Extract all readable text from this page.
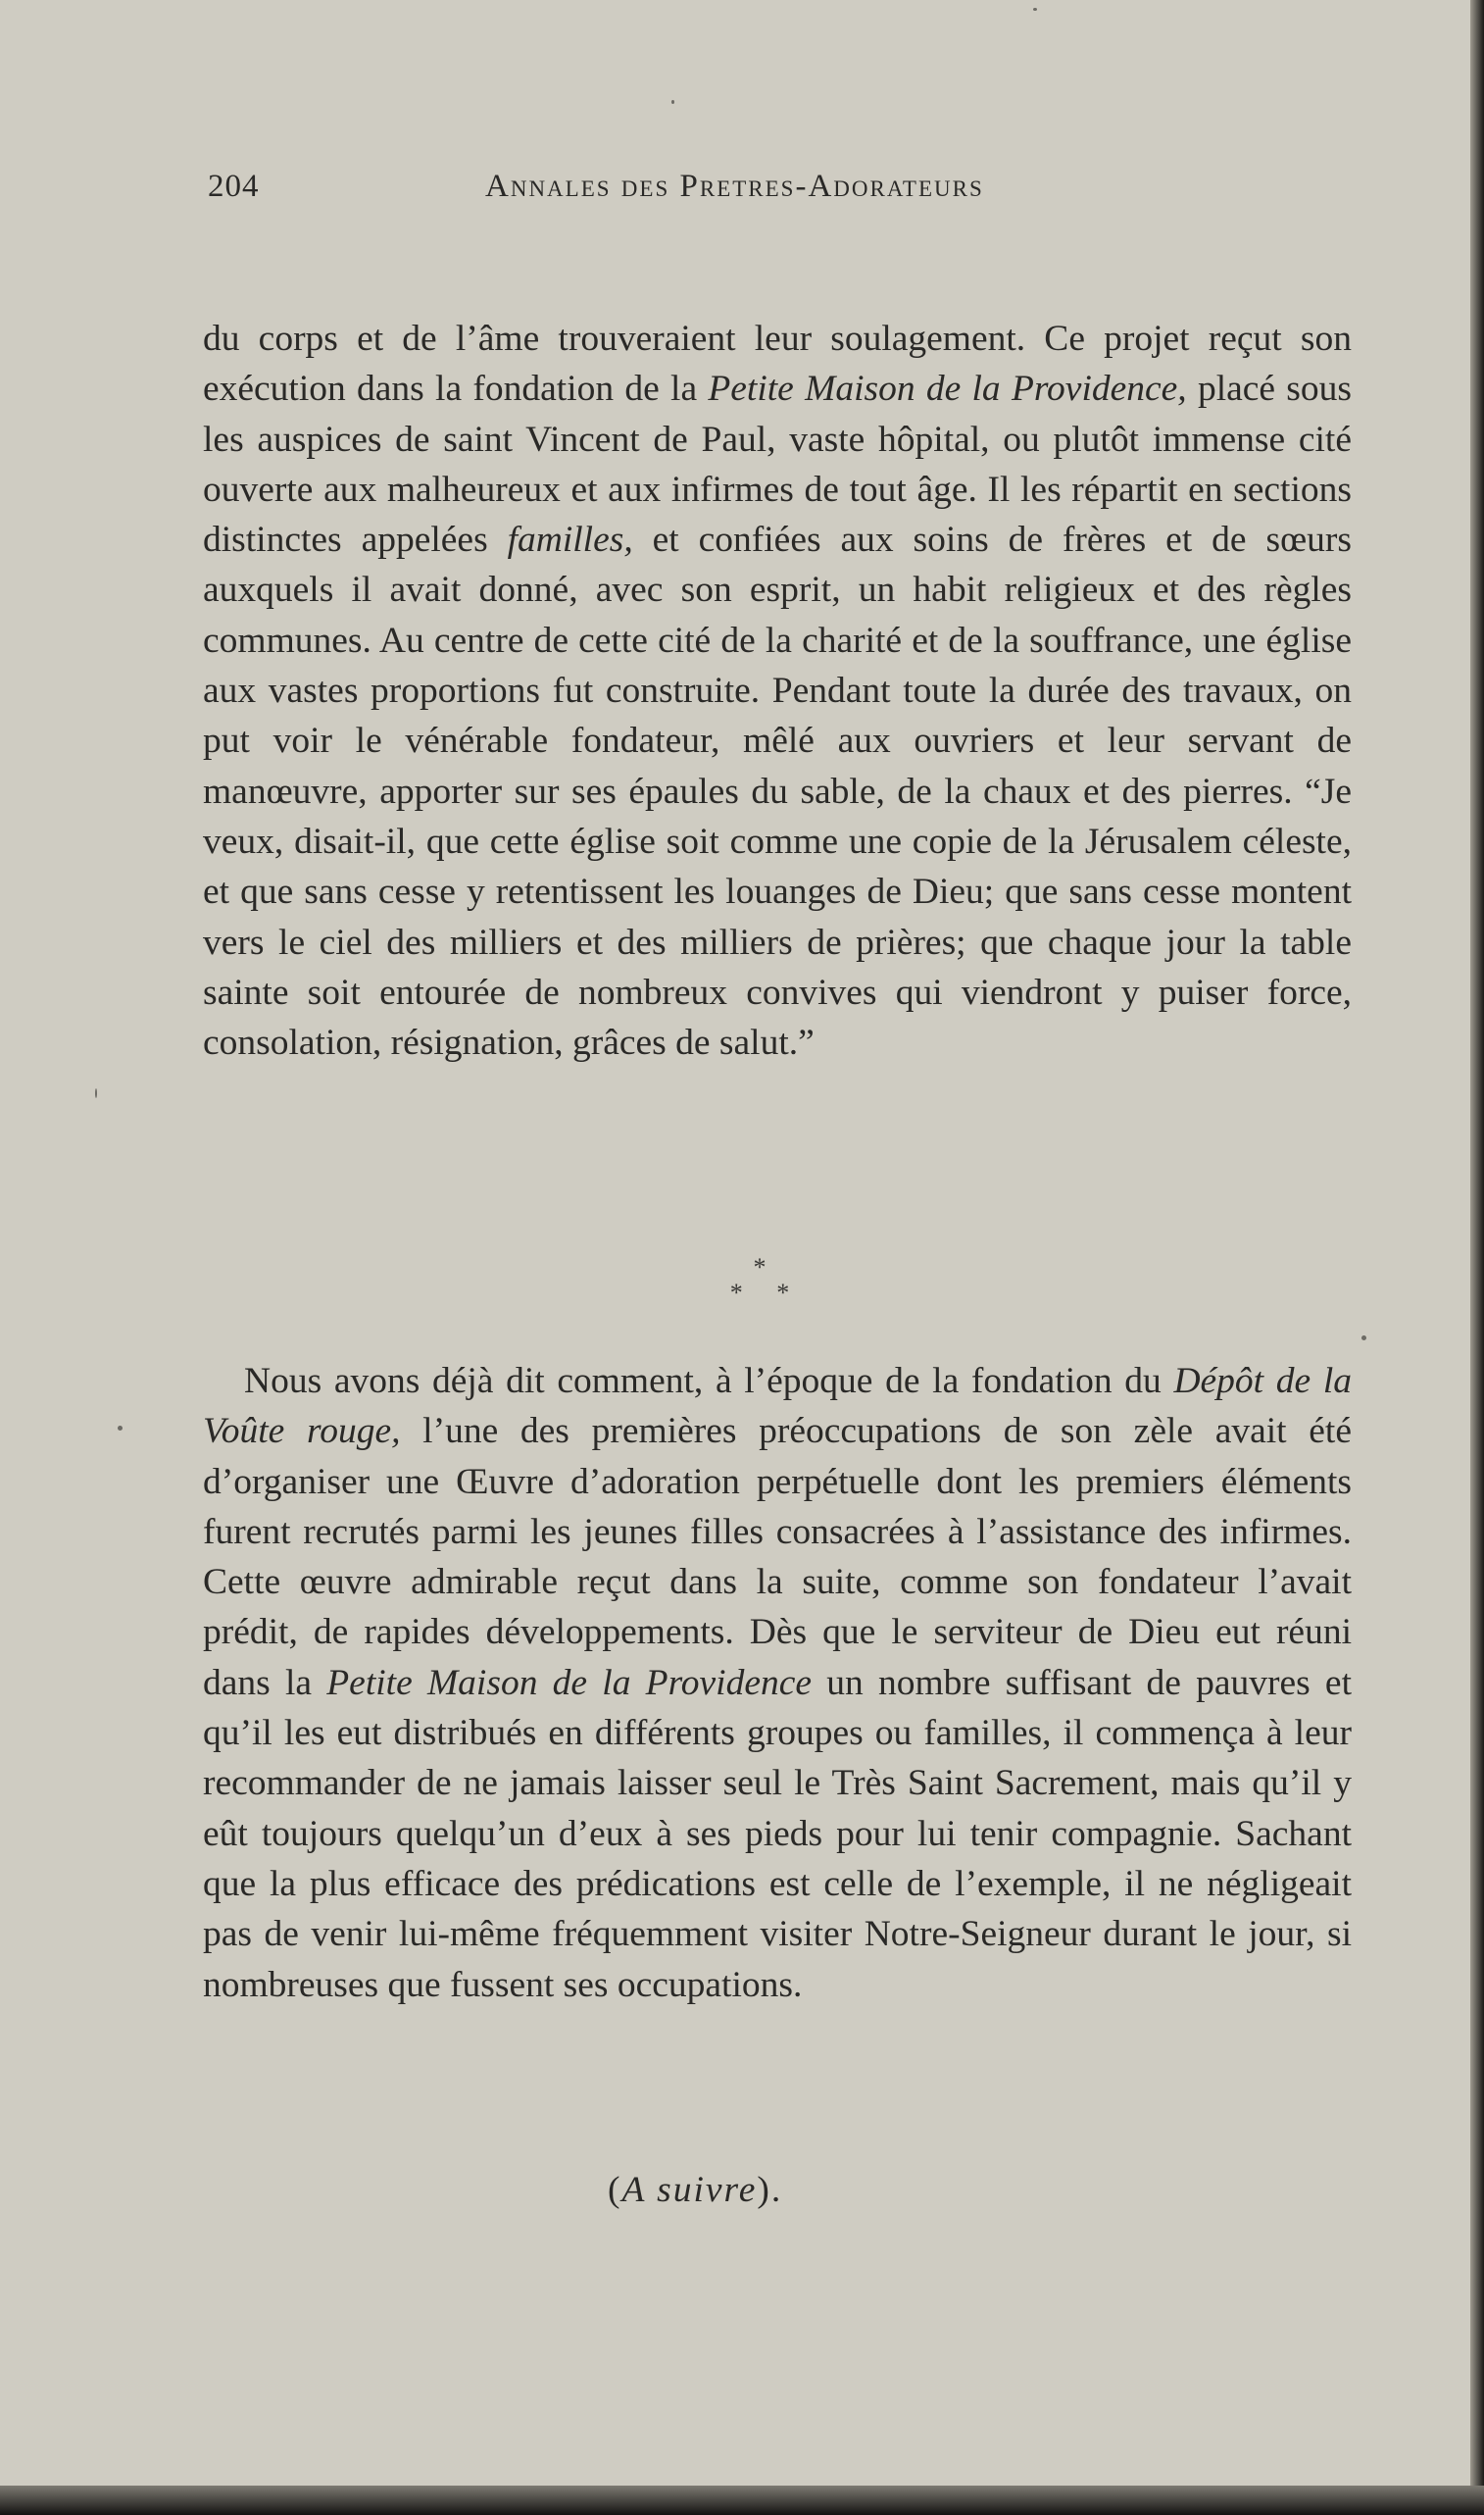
204	Annales des Pretres-Adorateurs

du corps et de l’âme trouveraient leur soulagement. Ce projet reçut son exécution dans la fondation de la Petite Maison de la Providence, placé sous les auspices de saint Vincent de Paul, vaste hôpital, ou plutôt immense cité ouverte aux malheureux et aux infirmes de tout âge. Il les répartit en sections distinctes appelées familles, et confiées aux soins de frères et de sœurs auxquels il avait donné, avec son esprit, un habit religieux et des règles communes. Au centre de cette cité de la charité et de la souffrance, une église aux vastes proportions fut construite. Pendant toute la durée des travaux, on put voir le vénérable fondateur, mêlé aux ouvriers et leur servant de manœuvre, apporter sur ses épaules du sable, de la chaux et des pierres. “Je veux, disait-il, que cette église soit comme une copie de la Jérusalem céleste, et que sans cesse y retentissent les louanges de Dieu; que sans cesse montent vers le ciel des milliers et des milliers de prières; que chaque jour la table sainte soit entourée de nombreux convives qui viendront y puiser force, consolation, résignation, grâces de salut.”

*
* *

Nous avons déjà dit comment, à l’époque de la fondation du Dépôt de la Voûte rouge, l’une des premières préoccupations de son zèle avait été d’organiser une Œuvre d’adoration perpétuelle dont les premiers éléments furent recrutés parmi les jeunes filles consacrées à l’assistance des infirmes. Cette œuvre admirable reçut dans la suite, comme son fondateur l’avait prédit, de rapides développements. Dès que le serviteur de Dieu eut réuni dans la Petite Maison de la Providence un nombre suffisant de pauvres et qu’il les eut distribués en différents groupes ou familles, il commença à leur recommander de ne jamais laisser seul le Très Saint Sacrement, mais qu’il y eût toujours quelqu’un d’eux à ses pieds pour lui tenir compagnie. Sachant que la plus efficace des prédications est celle de l’exemple, il ne négligeait pas de venir lui-même fréquemment visiter Notre-Seigneur durant le jour, si nombreuses que fussent ses occupations.

(A suivre).
